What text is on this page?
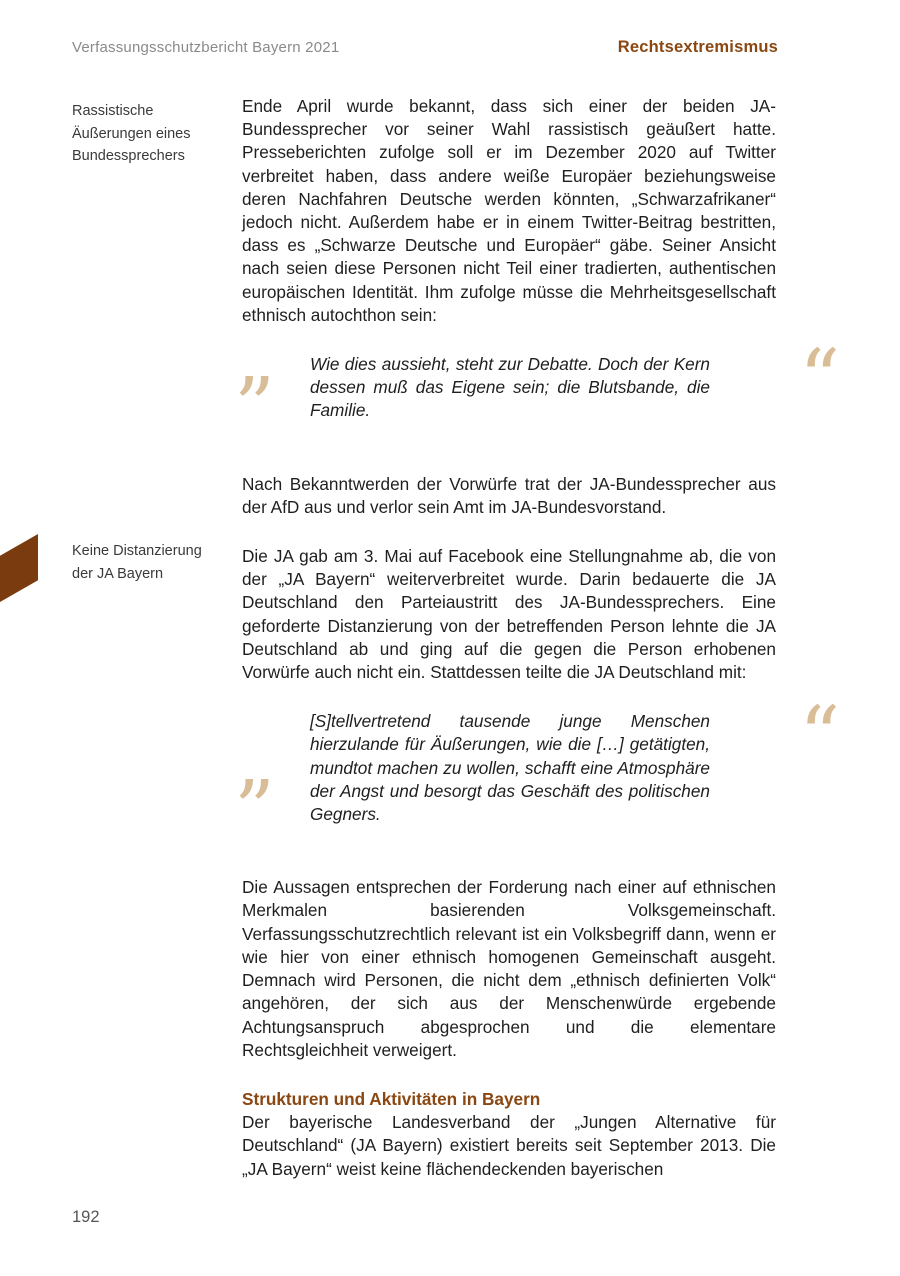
Verfassungsschutzbericht Bayern 2021	Rechtsextremismus
Rassistische Äußerungen eines Bundessprechers
Keine Distanzierung der JA Bayern

Ende April wurde bekannt, dass sich einer der beiden JA-Bundessprecher vor seiner Wahl rassistisch geäußert hatte. Presseberichten zufolge soll er im Dezember 2020 auf Twitter verbreitet haben, dass andere weiße Europäer beziehungsweise deren Nachfahren Deutsche werden könnten, „Schwarzafrikaner“ jedoch nicht. Außerdem habe er in einem Twitter-Beitrag bestritten, dass es „Schwarze Deutsche und Europäer“ gäbe. Seiner Ansicht nach seien diese Personen nicht Teil einer tradierten, authentischen europäischen Identität. Ihm zufolge müsse die Mehrheitsgesellschaft ethnisch autochthon sein:

“
” Wie dies aussieht, steht zur Debatte. Doch der Kern dessen muß das Eigene sein; die Blutsbande, die Familie.

Nach Bekanntwerden der Vorwürfe trat der JA-Bundessprecher aus der AfD aus und verlor sein Amt im JA-Bundesvorstand.

Die JA gab am 3. Mai auf Facebook eine Stellungnahme ab, die von der „JA Bayern“ weiterverbreitet wurde. Darin bedauerte die JA Deutschland den Parteiaustritt des JA-Bundessprechers. Eine geforderte Distanzierung von der betreffenden Person lehnte die JA Deutschland ab und ging auf die gegen die Person erhobenen Vorwürfe auch nicht ein. Stattdessen teilte die JA Deutschland mit:

“
”

[S]tellvertretend tausende junge Menschen hierzulande für Äußerungen, wie die […] getätigten, mundtot machen zu wollen, schafft eine Atmosphäre der Angst und besorgt das Geschäft des politischen Gegners.

Die Aussagen entsprechen der Forderung nach einer auf ethnischen Merkmalen basierenden Volksgemeinschaft. Verfassungsschutzrechtlich relevant ist ein Volksbegriff dann, wenn er wie hier von einer ethnisch homogenen Gemeinschaft ausgeht. Demnach wird Personen, die nicht dem „ethnisch definierten Volk“ angehören, der sich aus der Menschenwürde ergebende Achtungsanspruch abgesprochen und die elementare Rechtsgleichheit verweigert.

Strukturen und Aktivitäten in Bayern

Der bayerische Landesverband der „Jungen Alternative für Deutschland“ (JA Bayern) existiert bereits seit September 2013. Die „JA Bayern“ weist keine flächendeckenden bayerischen

192
